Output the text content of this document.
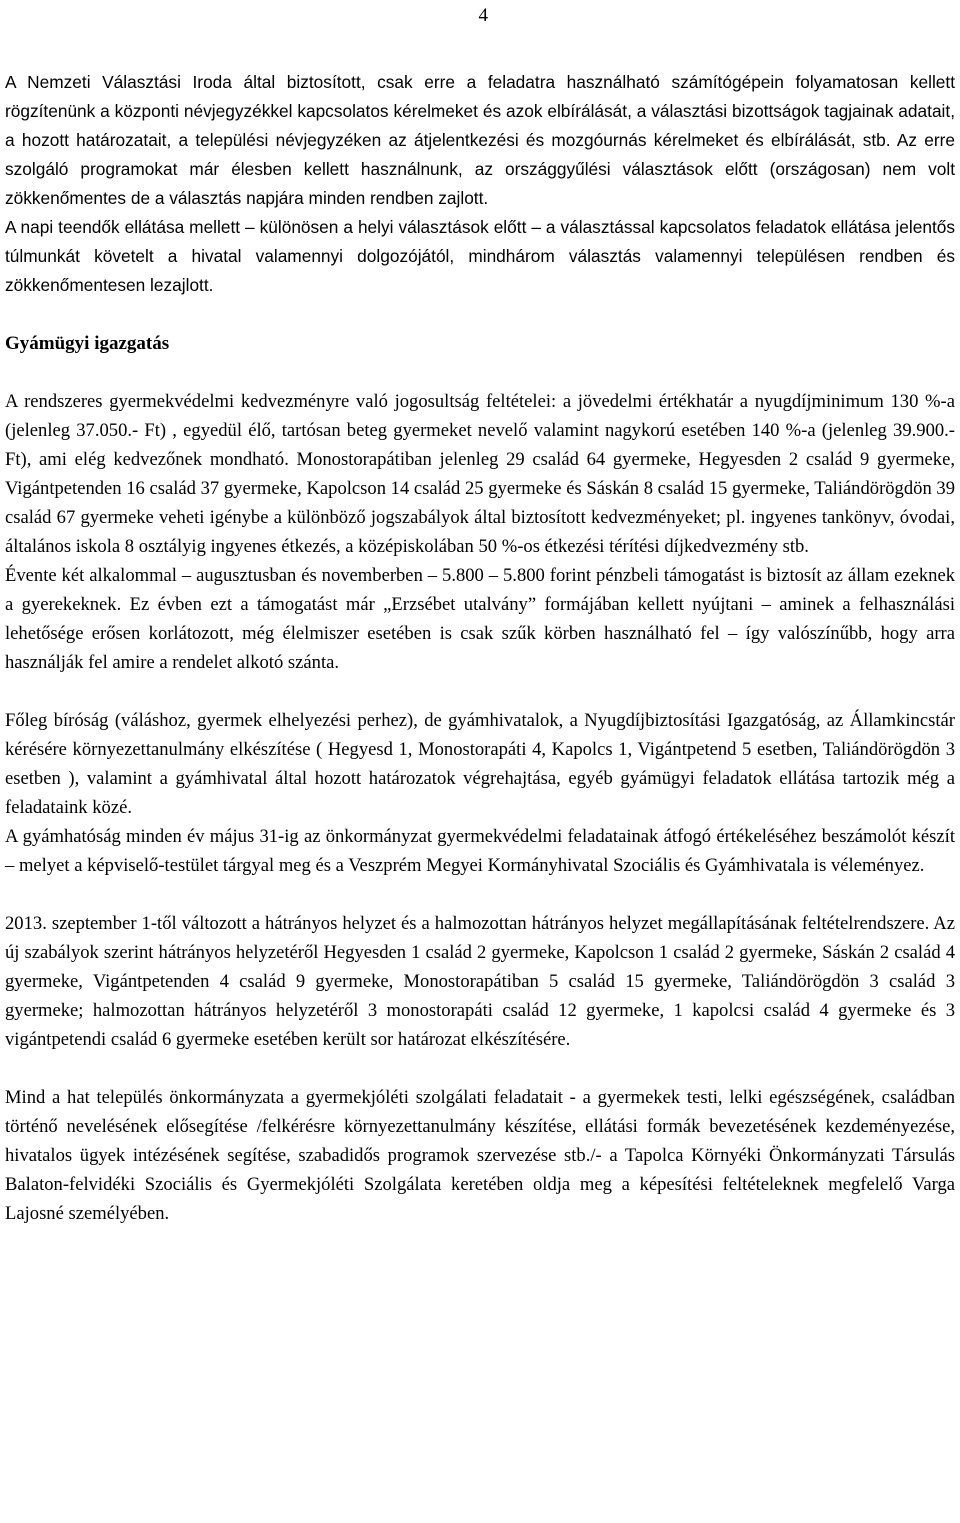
4

A Nemzeti Választási Iroda által biztosított, csak erre a feladatra használható számítógépein folyamatosan kellett rögzítenünk a központi névjegyzékkel kapcsolatos kérelmeket és azok elbírálását, a választási bizottságok tagjainak adatait, a hozott határozatait, a települési névjegyzéken az átjelentkezési és mozgóurnás kérelmeket és elbírálását, stb. Az erre szolgáló programokat már élesben kellett használnunk, az országgyűlési választások előtt (országosan) nem volt zökkenőmentes de a választás napjára minden rendben zajlott.

A napi teendők ellátása mellett – különösen a helyi választások előtt – a választással kapcsolatos feladatok ellátása jelentős túlmunkát követelt a hivatal valamennyi dolgozójától, mindhárom választás valamennyi településen rendben és zökkenőmentesen lezajlott.

Gyámügyi igazgatás

A rendszeres gyermekvédelmi kedvezményre való jogosultság feltételei: a jövedelmi értékhatár a nyugdíjminimum 130 %-a (jelenleg 37.050.- Ft) , egyedül élő, tartósan beteg gyermeket nevelő valamint nagykorú esetében 140 %-a (jelenleg 39.900.- Ft), ami elég kedvezőnek mondható. Monostorapátiban jelenleg 29 család 64 gyermeke, Hegyesden 2 család 9 gyermeke, Vigántpetenden 16 család 37 gyermeke, Kapolcson 14 család 25 gyermeke és Sáskán 8 család 15 gyermeke, Taliándörögdön 39 család 67 gyermeke veheti igénybe a különböző jogszabályok által biztosított kedvezményeket; pl. ingyenes tankönyv, óvodai, általános iskola 8 osztályig ingyenes étkezés, a középiskolában 50 %-os étkezési térítési díjkedvezmény stb.

Évente két alkalommal – augusztusban és novemberben – 5.800 – 5.800 forint pénzbeli támogatást is biztosít az állam ezeknek a gyerekeknek. Ez évben ezt a támogatást már „Erzsébet utalvány” formájában kellett nyújtani – aminek a felhasználási lehetősége erősen korlátozott, még élelmiszer esetében is csak szűk körben használható fel – így valószínűbb, hogy arra használják fel amire a rendelet alkotó szánta.

Főleg bíróság (váláshoz, gyermek elhelyezési perhez), de gyámhivatalok, a Nyugdíjbiztosítási Igazgatóság, az Államkincstár kérésére környezettanulmány elkészítése ( Hegyesd 1, Monostorapáti 4, Kapolcs 1, Vigántpetend 5 esetben, Taliándörögdön 3 esetben ), valamint a gyámhivatal által hozott határozatok végrehajtása, egyéb gyámügyi feladatok ellátása tartozik még a feladataink közé.

A gyámhatóság minden év május 31-ig az önkormányzat gyermekvédelmi feladatainak átfogó értékeléséhez beszámolót készít – melyet a képviselő-testület tárgyal meg és a Veszprém Megyei Kormányhivatal Szociális és Gyámhivatala is véleményez.

2013. szeptember 1-től változott a hátrányos helyzet és a halmozottan hátrányos helyzet megállapításának feltételrendszere. Az új szabályok szerint hátrányos helyzetéről Hegyesden 1 család 2 gyermeke, Kapolcson 1 család 2 gyermeke, Sáskán 2 család 4 gyermeke, Vigántpetenden 4 család 9 gyermeke, Monostorapátiban 5 család 15 gyermeke, Taliándörögdön 3 család 3 gyermeke; halmozottan hátrányos helyzetéről 3 monostorapáti család 12 gyermeke, 1 kapolcsi család 4 gyermeke és 3 vigántpetendi család 6 gyermeke esetében került sor határozat elkészítésére.

Mind a hat település önkormányzata a gyermekjóléti szolgálati feladatait - a gyermekek testi, lelki egészségének, családban történő nevelésének elősegítése /felkérésre környezettanulmány készítése, ellátási formák bevezetésének kezdeményezése, hivatalos ügyek intézésének segítése, szabadidős programok szervezése stb./- a Tapolca Környéki Önkormányzati Társulás Balaton-felvidéki Szociális és Gyermekjóléti Szolgálata keretében oldja meg a képesítési feltételeknek megfelelő Varga Lajosné személyében.
